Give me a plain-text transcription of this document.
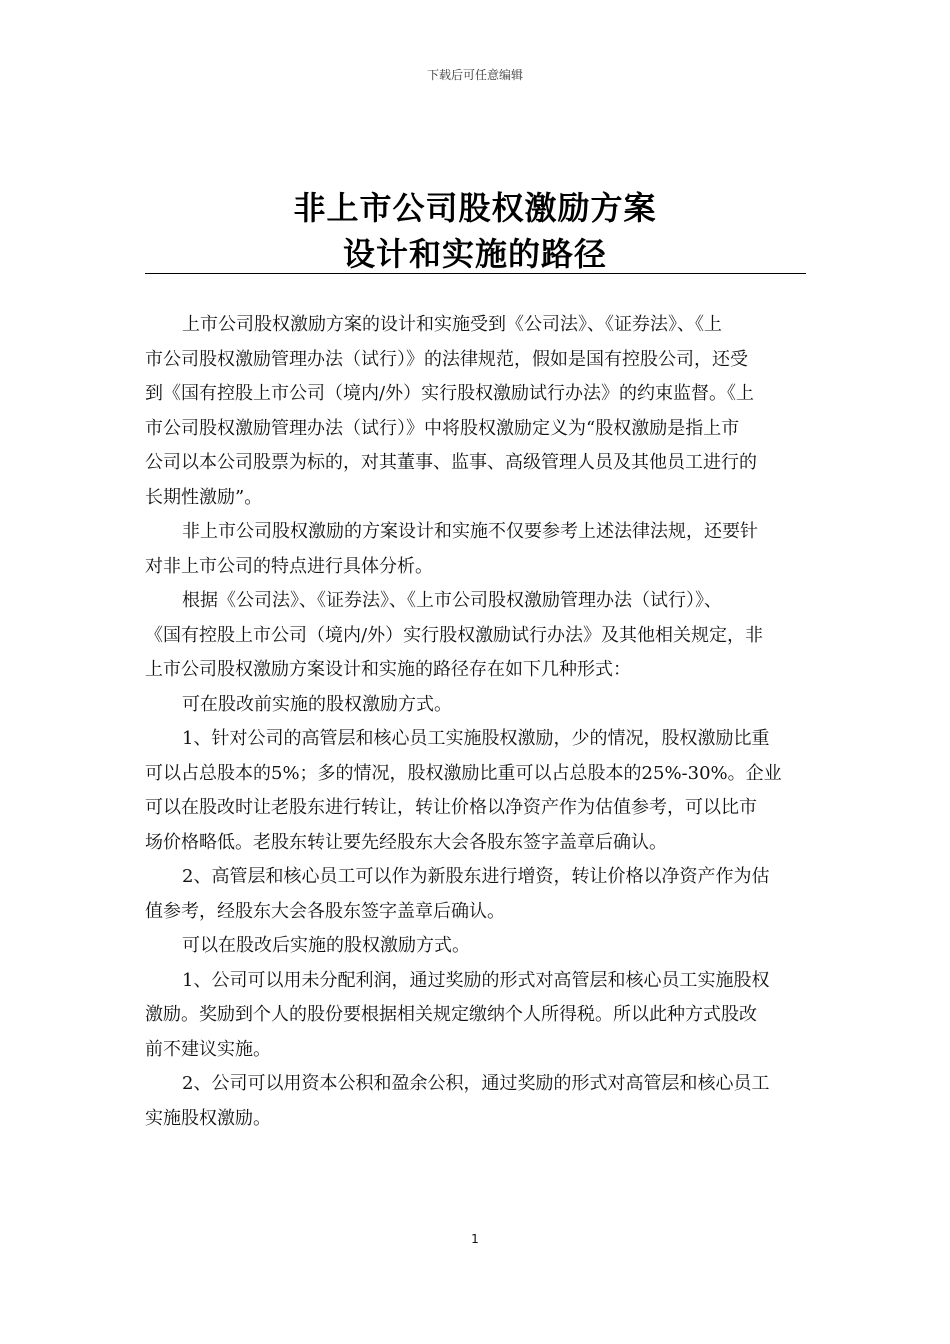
下载后可任意编辑
非上市公司股权激励方案
设计和实施的路径
上市公司股权激励方案的设计和实施受到《公司法》、《证券法》、《上
市公司股权激励管理办法（试行）》的法律规范，假如是国有控股公司，还受
到《国有控股上市公司（境内/外）实行股权激励试行办法》的约束监督。《上
市公司股权激励管理办法（试行）》中将股权激励定义为“股权激励是指上市
公司以本公司股票为标的，对其董事、监事、高级管理人员及其他员工进行的
长期性激励”。
非上市公司股权激励的方案设计和实施不仅要参考上述法律法规，还要针
对非上市公司的特点进行具体分析。
根据《公司法》、《证券法》、《上市公司股权激励管理办法（试行）》、
《国有控股上市公司（境内/外）实行股权激励试行办法》及其他相关规定，非
上市公司股权激励方案设计和实施的路径存在如下几种形式：
可在股改前实施的股权激励方式。
1、针对公司的高管层和核心员工实施股权激励，少的情况，股权激励比重
可以占总股本的5%；多的情况，股权激励比重可以占总股本的25%-30%。企业
可以在股改时让老股东进行转让，转让价格以净资产作为估值参考，可以比市
场价格略低。老股东转让要先经股东大会各股东签字盖章后确认。
2、高管层和核心员工可以作为新股东进行增资，转让价格以净资产作为估
值参考，经股东大会各股东签字盖章后确认。
可以在股改后实施的股权激励方式。
1、公司可以用未分配利润，通过奖励的形式对高管层和核心员工实施股权
激励。奖励到个人的股份要根据相关规定缴纳个人所得税。所以此种方式股改
前不建议实施。
2、公司可以用资本公积和盈余公积，通过奖励的形式对高管层和核心员工
实施股权激励。
1
